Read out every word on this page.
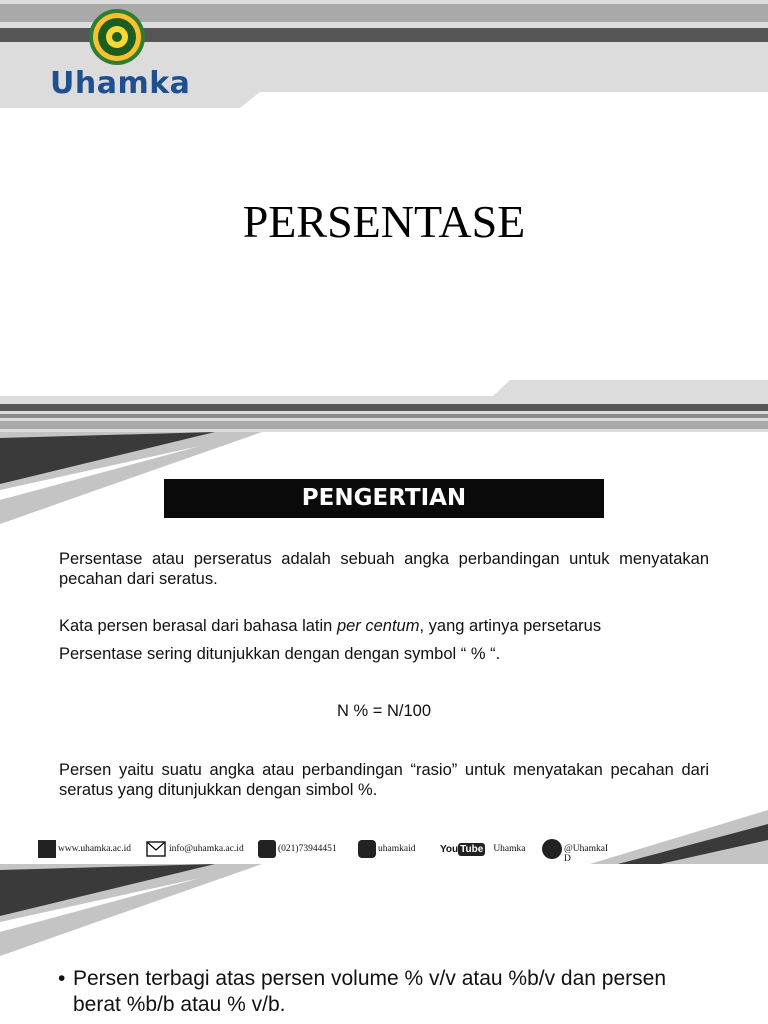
Uhamka
PERSENTASE
PENGERTIAN
Persentase atau perseratus adalah sebuah angka perbandingan untuk menyatakan pecahan dari seratus.
Kata persen berasal dari bahasa latin per centum, yang artinya persetarus
Persentase sering ditunjukkan dengan dengan symbol “ % “.
N % = N/100
Persen yaitu suatu angka atau perbandingan “rasio” untuk menyatakan pecahan dari seratus yang ditunjukkan dengan simbol %.
www.uhamka.ac.id	info@uhamka.ac.id	(021)73944451	uhamkaid You Tube Uhamka	@UhamkaI D
• Persen terbagi atas persen volume % v/v atau %b/v dan persen berat %b/b atau % v/b.
